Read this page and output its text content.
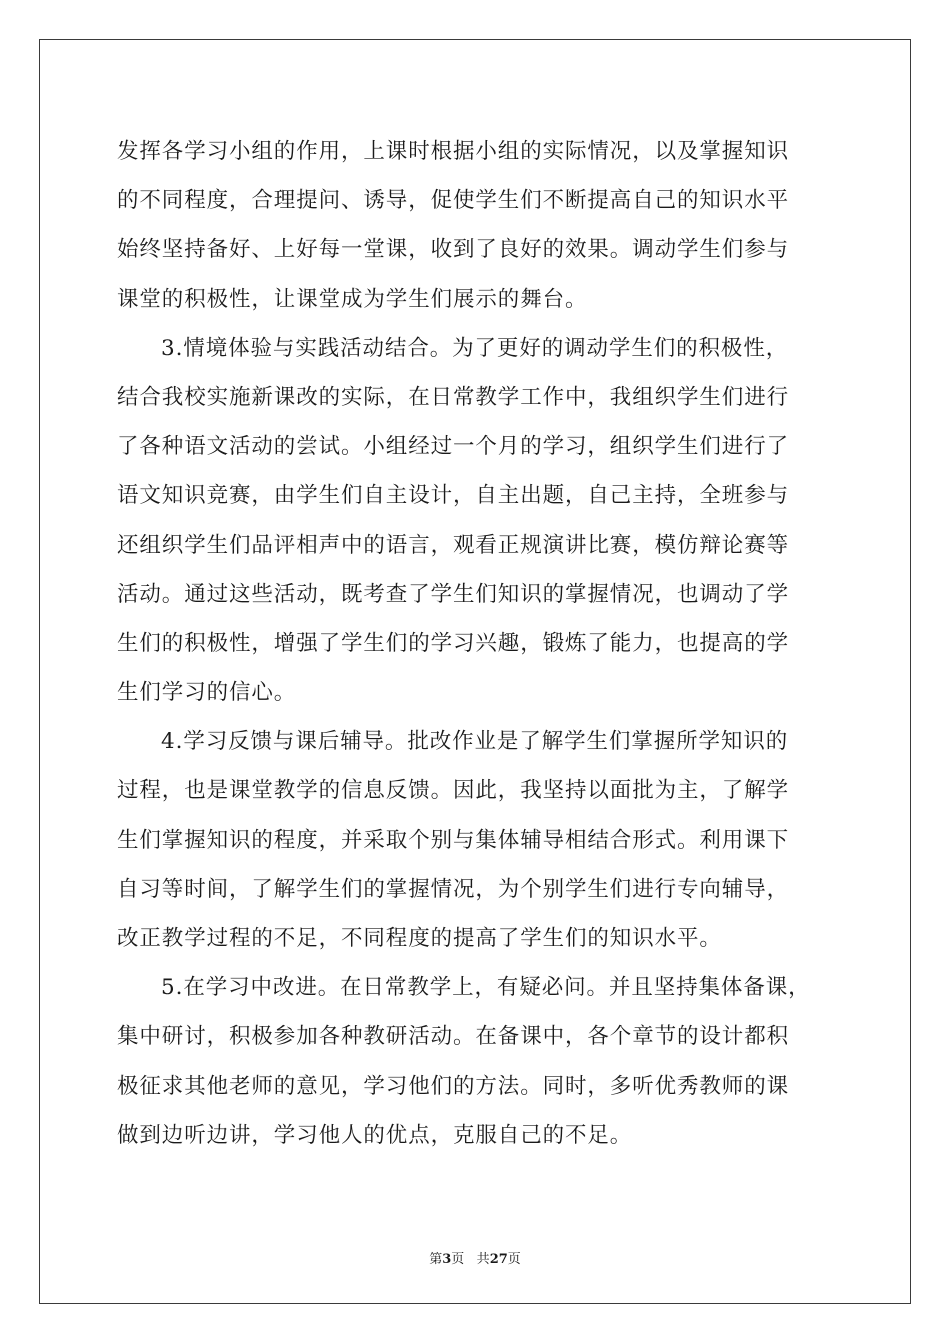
发挥各学习小组的作用，上课时根据小组的实际情况，以及掌握知识
的不同程度，合理提问、诱导，促使学生们不断提高自己的知识水平
始终坚持备好、上好每一堂课，收到了良好的效果。调动学生们参与
课堂的积极性，让课堂成为学生们展示的舞台。
3.情境体验与实践活动结合。为了更好的调动学生们的积极性，
结合我校实施新课改的实际，在日常教学工作中，我组织学生们进行
了各种语文活动的尝试。小组经过一个月的学习，组织学生们进行了
语文知识竞赛，由学生们自主设计，自主出题，自己主持，全班参与
还组织学生们品评相声中的语言，观看正规演讲比赛，模仿辩论赛等
活动。通过这些活动，既考查了学生们知识的掌握情况，也调动了学
生们的积极性，增强了学生们的学习兴趣，锻炼了能力，也提高的学
生们学习的信心。
4.学习反馈与课后辅导。批改作业是了解学生们掌握所学知识的
过程，也是课堂教学的信息反馈。因此，我坚持以面批为主，了解学
生们掌握知识的程度，并采取个别与集体辅导相结合形式。利用课下
自习等时间，了解学生们的掌握情况，为个别学生们进行专向辅导，
改正教学过程的不足，不同程度的提高了学生们的知识水平。
5.在学习中改进。在日常教学上，有疑必问。并且坚持集体备课，
集中研讨，积极参加各种教研活动。在备课中，各个章节的设计都积
极征求其他老师的意见，学习他们的方法。同时，多听优秀教师的课
做到边听边讲，学习他人的优点，克服自己的不足。
第3页 共27页
